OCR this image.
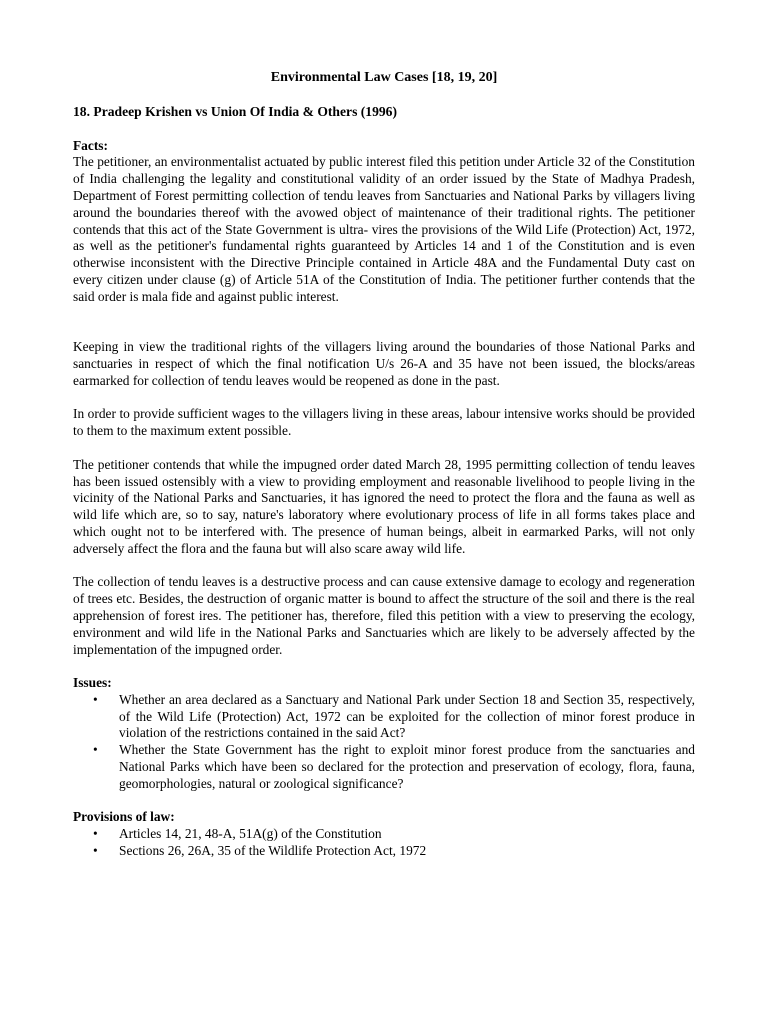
Environmental Law Cases [18, 19, 20]
18. Pradeep Krishen vs Union Of India & Others (1996)
Facts:

The petitioner, an environmentalist actuated by public interest filed this petition under Article 32 of the Constitution of India challenging the legality and constitutional validity of an order issued by the State of Madhya Pradesh, Department of Forest permitting collection of tendu leaves from Sanctuaries and National Parks by villagers living around the boundaries thereof with the avowed object of maintenance of their traditional rights. The petitioner contends that this act of the State Government is ultra- vires the provisions of the Wild Life (Protection) Act, 1972, as well as the petitioner's fundamental rights guaranteed by Articles 14 and 1 of the Constitution and is even otherwise inconsistent with the Directive Principle contained in Article 48A and the Fundamental Duty cast on every citizen under clause (g) of Article 51A of the Constitution of India. The petitioner further contends that the said order is mala fide and against public interest.

Keeping in view the traditional rights of the villagers living around the boundaries of those National Parks and sanctuaries in respect of which the final notification U/s 26-A and 35 have not been issued, the blocks/areas earmarked for collection of tendu leaves would be reopened as done in the past.

In order to provide sufficient wages to the villagers living in these areas, labour intensive works should be provided to them to the maximum extent possible.

The petitioner contends that while the impugned order dated March 28, 1995 permitting collection of tendu leaves has been issued ostensibly with a view to providing employment and reasonable livelihood to people living in the vicinity of the National Parks and Sanctuaries, it has ignored the need to protect the flora and the fauna as well as wild life which are, so to say, nature's laboratory where evolutionary process of life in all forms takes place and which ought not to be interfered with. The presence of human beings, albeit in earmarked Parks, will not only adversely affect the flora and the fauna but will also scare away wild life.

The collection of tendu leaves is a destructive process and can cause extensive damage to ecology and regeneration of trees etc. Besides, the destruction of organic matter is bound to affect the structure of the soil and there is the real apprehension of forest ires. The petitioner has, therefore, filed this petition with a view to preserving the ecology, environment and wild life in the National Parks and Sanctuaries which are likely to be adversely affected by the implementation of the impugned order.

Issues:
• Whether an area declared as a Sanctuary and National Park under Section 18 and Section 35, respectively, of the Wild Life (Protection) Act, 1972 can be exploited for the collection of minor forest produce in violation of the restrictions contained in the said Act?
• Whether the State Government has the right to exploit minor forest produce from the sanctuaries and National Parks which have been so declared for the protection and preservation of ecology, flora, fauna, geomorphologies, natural or zoological significance?
Provisions of law:
• Articles 14, 21, 48-A, 51A(g) of the Constitution
• Sections 26, 26A, 35 of the Wildlife Protection Act, 1972
